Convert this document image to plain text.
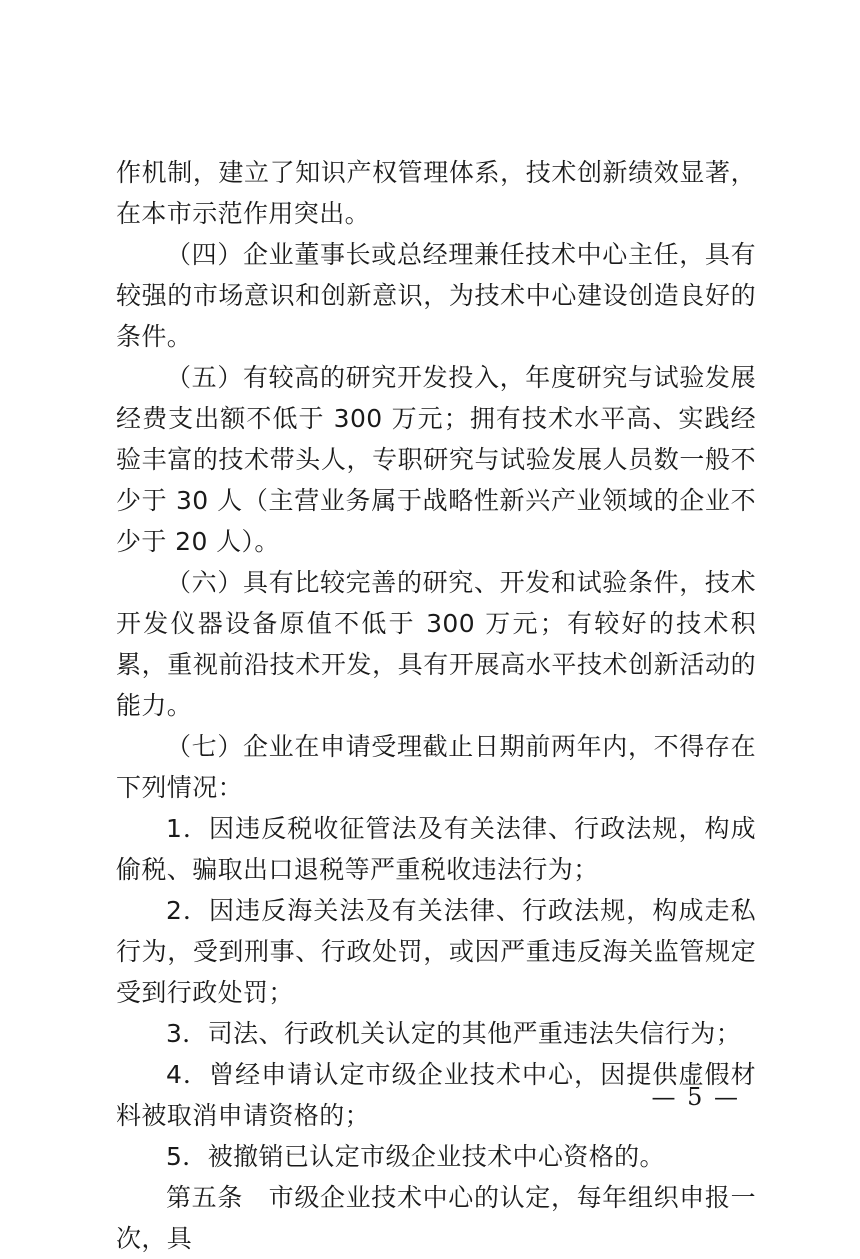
作机制，建立了知识产权管理体系，技术创新绩效显著，在本市示范作用突出。

（四）企业董事长或总经理兼任技术中心主任，具有较强的市场意识和创新意识，为技术中心建设创造良好的条件。

（五）有较高的研究开发投入，年度研究与试验发展经费支出额不低于 300 万元；拥有技术水平高、实践经验丰富的技术带头人，专职研究与试验发展人员数一般不少于 30 人（主营业务属于战略性新兴产业领域的企业不少于 20 人）。

（六）具有比较完善的研究、开发和试验条件，技术开发仪器设备原值不低于 300 万元；有较好的技术积累，重视前沿技术开发，具有开展高水平技术创新活动的能力。

（七）企业在申请受理截止日期前两年内，不得存在下列情况：

1．因违反税收征管法及有关法律、行政法规，构成偷税、骗取出口退税等严重税收违法行为；

2．因违反海关法及有关法律、行政法规，构成走私行为，受到刑事、行政处罚，或因严重违反海关监管规定受到行政处罚；

3．司法、行政机关认定的其他严重违法失信行为；

4．曾经申请认定市级企业技术中心，因提供虚假材料被取消申请资格的；

5．被撤销已认定市级企业技术中心资格的。

第五条　市级企业技术中心的认定，每年组织申报一次，具

— 5 —
